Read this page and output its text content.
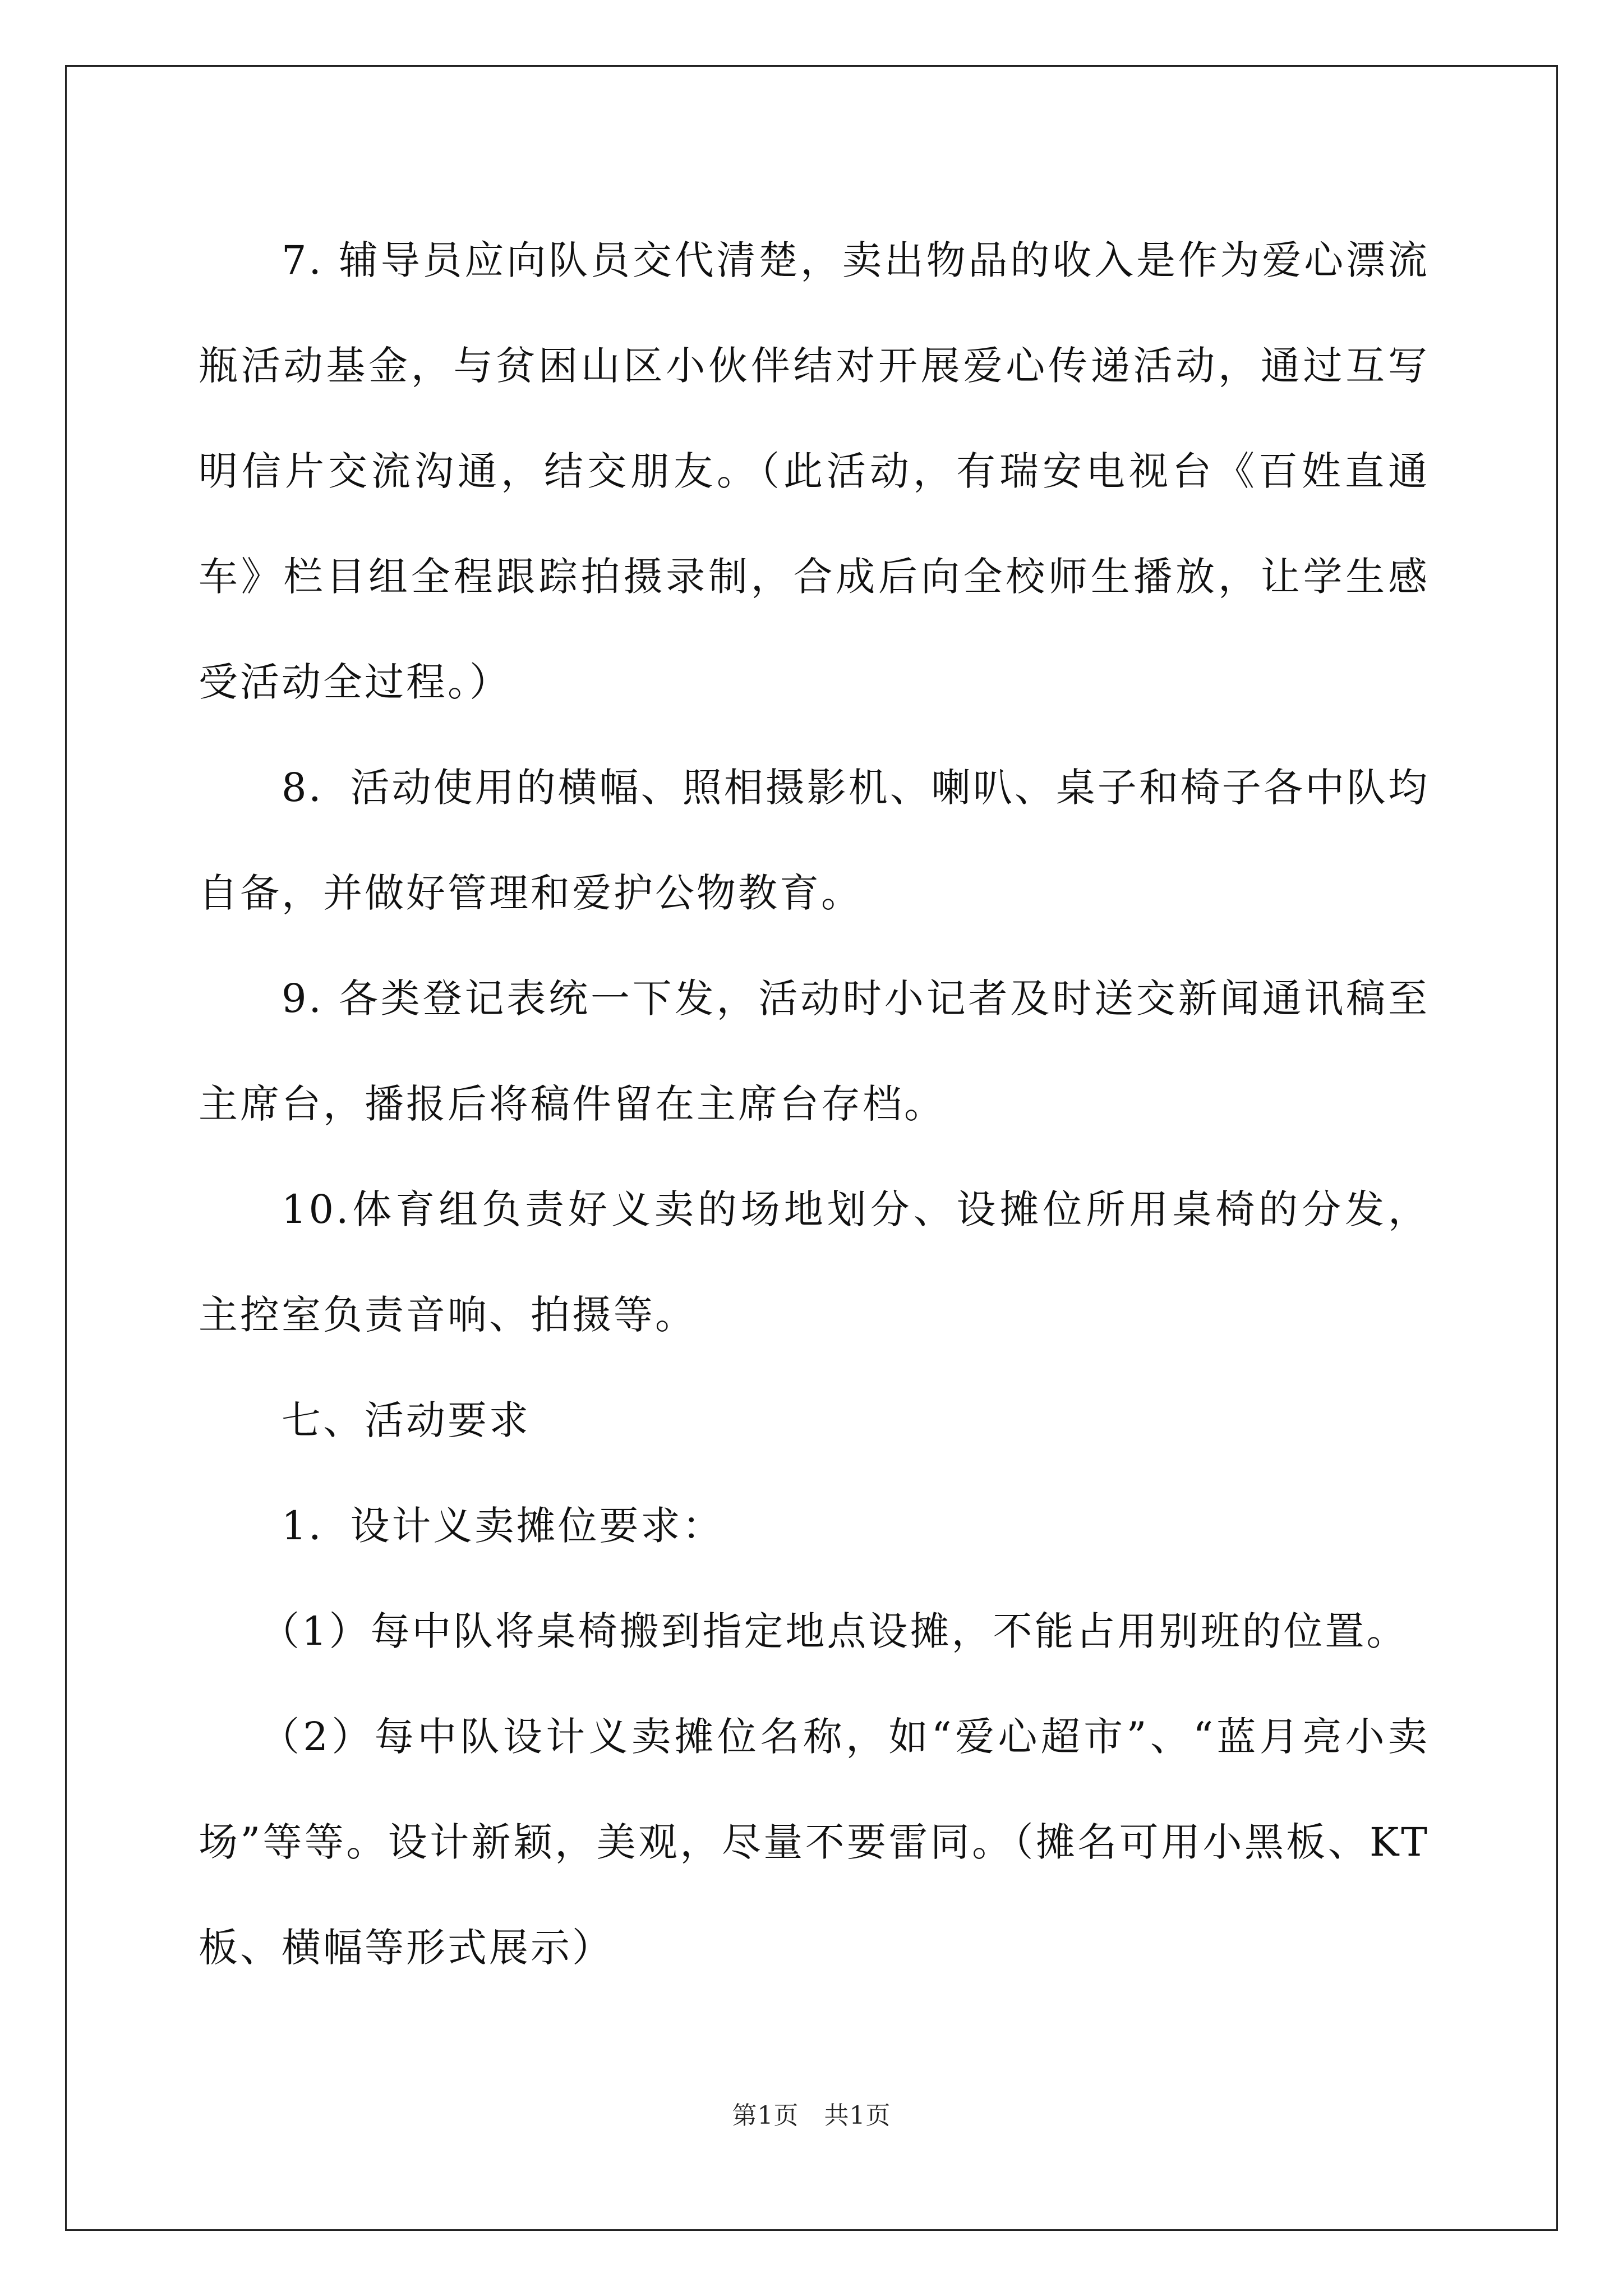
7. 辅导员应向队员交代清楚，卖出物品的收入是作为爱心漂流瓶活动基金，与贫困山区小伙伴结对开展爱心传递活动，通过互写明信片交流沟通，结交朋友。（此活动，有瑞安电视台《百姓直通车》栏目组全程跟踪拍摄录制，合成后向全校师生播放，让学生感受活动全过程。）

8．活动使用的横幅、照相摄影机、喇叭、桌子和椅子各中队均自备，并做好管理和爱护公物教育。

9. 各类登记表统一下发，活动时小记者及时送交新闻通讯稿至主席台，播报后将稿件留在主席台存档。

10.体育组负责好义卖的场地划分、设摊位所用桌椅的分发，主控室负责音响、拍摄等。

七、活动要求

1．设计义卖摊位要求：

（1）每中队将桌椅搬到指定地点设摊，不能占用别班的位置。

（2）每中队设计义卖摊位名称，如“爱心超市”、“蓝月亮小卖场”等等。设计新颖，美观，尽量不要雷同。（摊名可用小黑板、KT板、横幅等形式展示）

第1页　共1页
